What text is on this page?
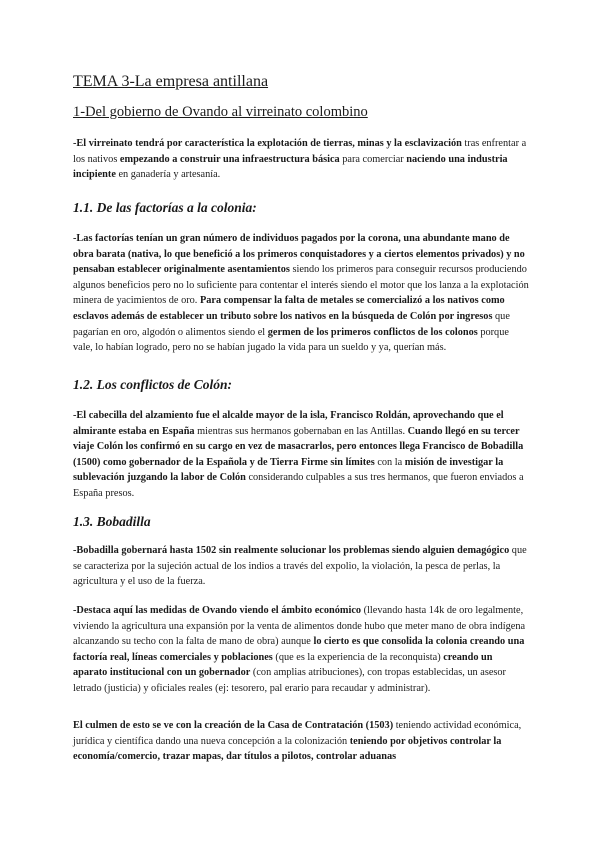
TEMA 3-La empresa antillana
1-Del gobierno de Ovando al virreinato colombino

-El virreinato tendrá por característica la explotación de tierras, minas y la esclavización tras enfrentar a los nativos empezando a construir una infraestructura básica para comerciar naciendo una industria incipiente en ganadería y artesanía.

1.1. De las factorías a la colonia:

-Las factorías tenían un gran número de individuos pagados por la corona, una abundante mano de obra barata (nativa, lo que benefició a los primeros conquistadores y a ciertos elementos privados) y no pensaban establecer originalmente asentamientos siendo los primeros para conseguir recursos produciendo algunos beneficios pero no lo suficiente para contentar el interés siendo el motor que los lanza a la explotación minera de yacimientos de oro. Para compensar la falta de metales se comercializó a los nativos como esclavos además de establecer un tributo sobre los nativos en la búsqueda de Colón por ingresos que pagarían en oro, algodón o alimentos siendo el germen de los primeros conflictos de los colonos porque vale, lo habían logrado, pero no se habían jugado la vida para un sueldo y ya, querían más.

1.2. Los conflictos de Colón:

-El cabecilla del alzamiento fue el alcalde mayor de la isla, Francisco Roldán, aprovechando que el almirante estaba en España mientras sus hermanos gobernaban en las Antillas. Cuando llegó en su tercer viaje Colón los confirmó en su cargo en vez de masacrarlos, pero entonces llega Francisco de Bobadilla (1500) como gobernador de la Española y de Tierra Firme sin límites con la misión de investigar la sublevación juzgando la labor de Colón considerando culpables a sus tres hermanos, que fueron enviados a España presos.

1.3. Bobadilla

-Bobadilla gobernará hasta 1502 sin realmente solucionar los problemas siendo alguien demagógico que se caracteriza por la sujeción actual de los indios a través del expolio, la violación, la pesca de perlas, la agricultura y el uso de la fuerza.

-Destaca aquí las medidas de Ovando viendo el ámbito económico (llevando hasta 14k de oro legalmente, viviendo la agricultura una expansión por la venta de alimentos donde hubo que meter mano de obra indígena alcanzando su techo con la falta de mano de obra) aunque lo cierto es que consolida la colonia creando una factoría real, líneas comerciales y poblaciones (que es la experiencia de la reconquista) creando un aparato institucional con un gobernador (con amplias atribuciones), con tropas establecidas, un asesor letrado (justicia) y oficiales reales (ej: tesorero, pal erario para recaudar y administrar).

El culmen de esto se ve con la creación de la Casa de Contratación (1503) teniendo actividad económica, jurídica y científica dando una nueva concepción a la colonización teniendo por objetivos controlar la economía/comercio, trazar mapas, dar títulos a pilotos, controlar aduanas
